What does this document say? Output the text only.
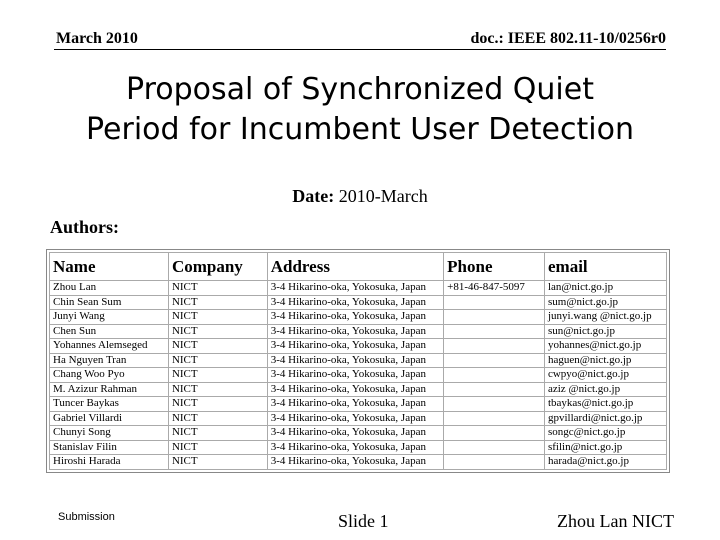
March 2010	doc.: IEEE 802.11-10/0256r0
Proposal of Synchronized Quiet
Period for Incumbent User Detection
Date: 2010-March
Authors:
Name	Company	Address	Phone	email
Zhou Lan	NICT	3-4 Hikarino-oka, Yokosuka, Japan	+81-46-847-5097	lan@nict.go.jp
Chin Sean Sum	NICT	3-4 Hikarino-oka, Yokosuka, Japan		sum@nict.go.jp
Junyi Wang	NICT	3-4 Hikarino-oka, Yokosuka, Japan		junyi.wang @nict.go.jp
Chen Sun	NICT	3-4 Hikarino-oka, Yokosuka, Japan		sun@nict.go.jp
Yohannes Alemseged	NICT	3-4 Hikarino-oka, Yokosuka, Japan		yohannes@nict.go.jp
Ha Nguyen Tran	NICT	3-4 Hikarino-oka, Yokosuka, Japan		haguen@nict.go.jp
Chang Woo Pyo	NICT	3-4 Hikarino-oka, Yokosuka, Japan		cwpyo@nict.go.jp
M. Azizur Rahman	NICT	3-4 Hikarino-oka, Yokosuka, Japan		aziz @nict.go.jp
Tuncer Baykas	NICT	3-4 Hikarino-oka, Yokosuka, Japan		tbaykas@nict.go.jp
Gabriel Villardi	NICT	3-4 Hikarino-oka, Yokosuka, Japan		gpvillardi@nict.go.jp
Chunyi Song	NICT	3-4 Hikarino-oka, Yokosuka, Japan		songc@nict.go.jp
Stanislav Filin	NICT	3-4 Hikarino-oka, Yokosuka, Japan		sfilin@nict.go.jp
Hiroshi Harada	NICT	3-4 Hikarino-oka, Yokosuka, Japan		harada@nict.go.jp
Submission	Slide 1	Zhou Lan NICT
